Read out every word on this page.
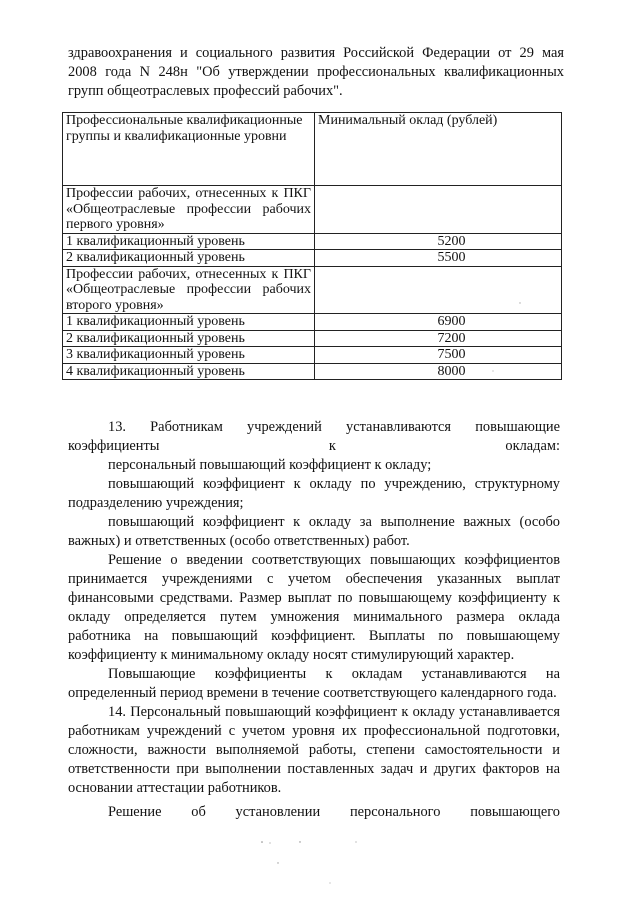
здравоохранения и социального развития Российской Федерации от 29 мая
2008 года N 248н "Об утверждении профессиональных квалификационных
групп общеотраслевых профессий рабочих".

Профессиональные квалификационные группы и квалификационные уровни	Минимальный оклад (рублей)
Профессии рабочих, отнесенных к ПКГ «Общеотраслевые профессии рабочих первого уровня»	
1 квалификационный уровень	5200
2 квалификационный уровень	5500
Профессии рабочих, отнесенных к ПКГ «Общеотраслевые профессии рабочих второго уровня»	
1 квалификационный уровень	6900
2 квалификационный уровень	7200
3 квалификационный уровень	7500
4 квалификационный уровень	8000

13. Работникам учреждений устанавливаются повышающие коэффициенты к окладам:

персональный повышающий коэффициент к окладу;

повышающий коэффициент к окладу по учреждению, структурному подразделению учреждения;

повышающий коэффициент к окладу за выполнение важных (особо важных) и ответственных (особо ответственных) работ.

Решение о введении соответствующих повышающих коэффициентов принимается учреждениями с учетом обеспечения указанных выплат финансовыми средствами. Размер выплат по повышающему коэффициенту к окладу определяется путем умножения минимального размера оклада работника на повышающий коэффициент. Выплаты по повышающему коэффициенту к минимальному окладу носят стимулирующий характер.

Повышающие коэффициенты к окладам устанавливаются на определенный период времени в течение соответствующего календарного года.

14. Персональный повышающий коэффициент к окладу устанавливается работникам учреждений с учетом уровня их профессиональной подготовки, сложности, важности выполняемой работы, степени самостоятельности и ответственности при выполнении поставленных задач и других факторов на основании аттестации работников.

Решение об установлении персонального повышающего
